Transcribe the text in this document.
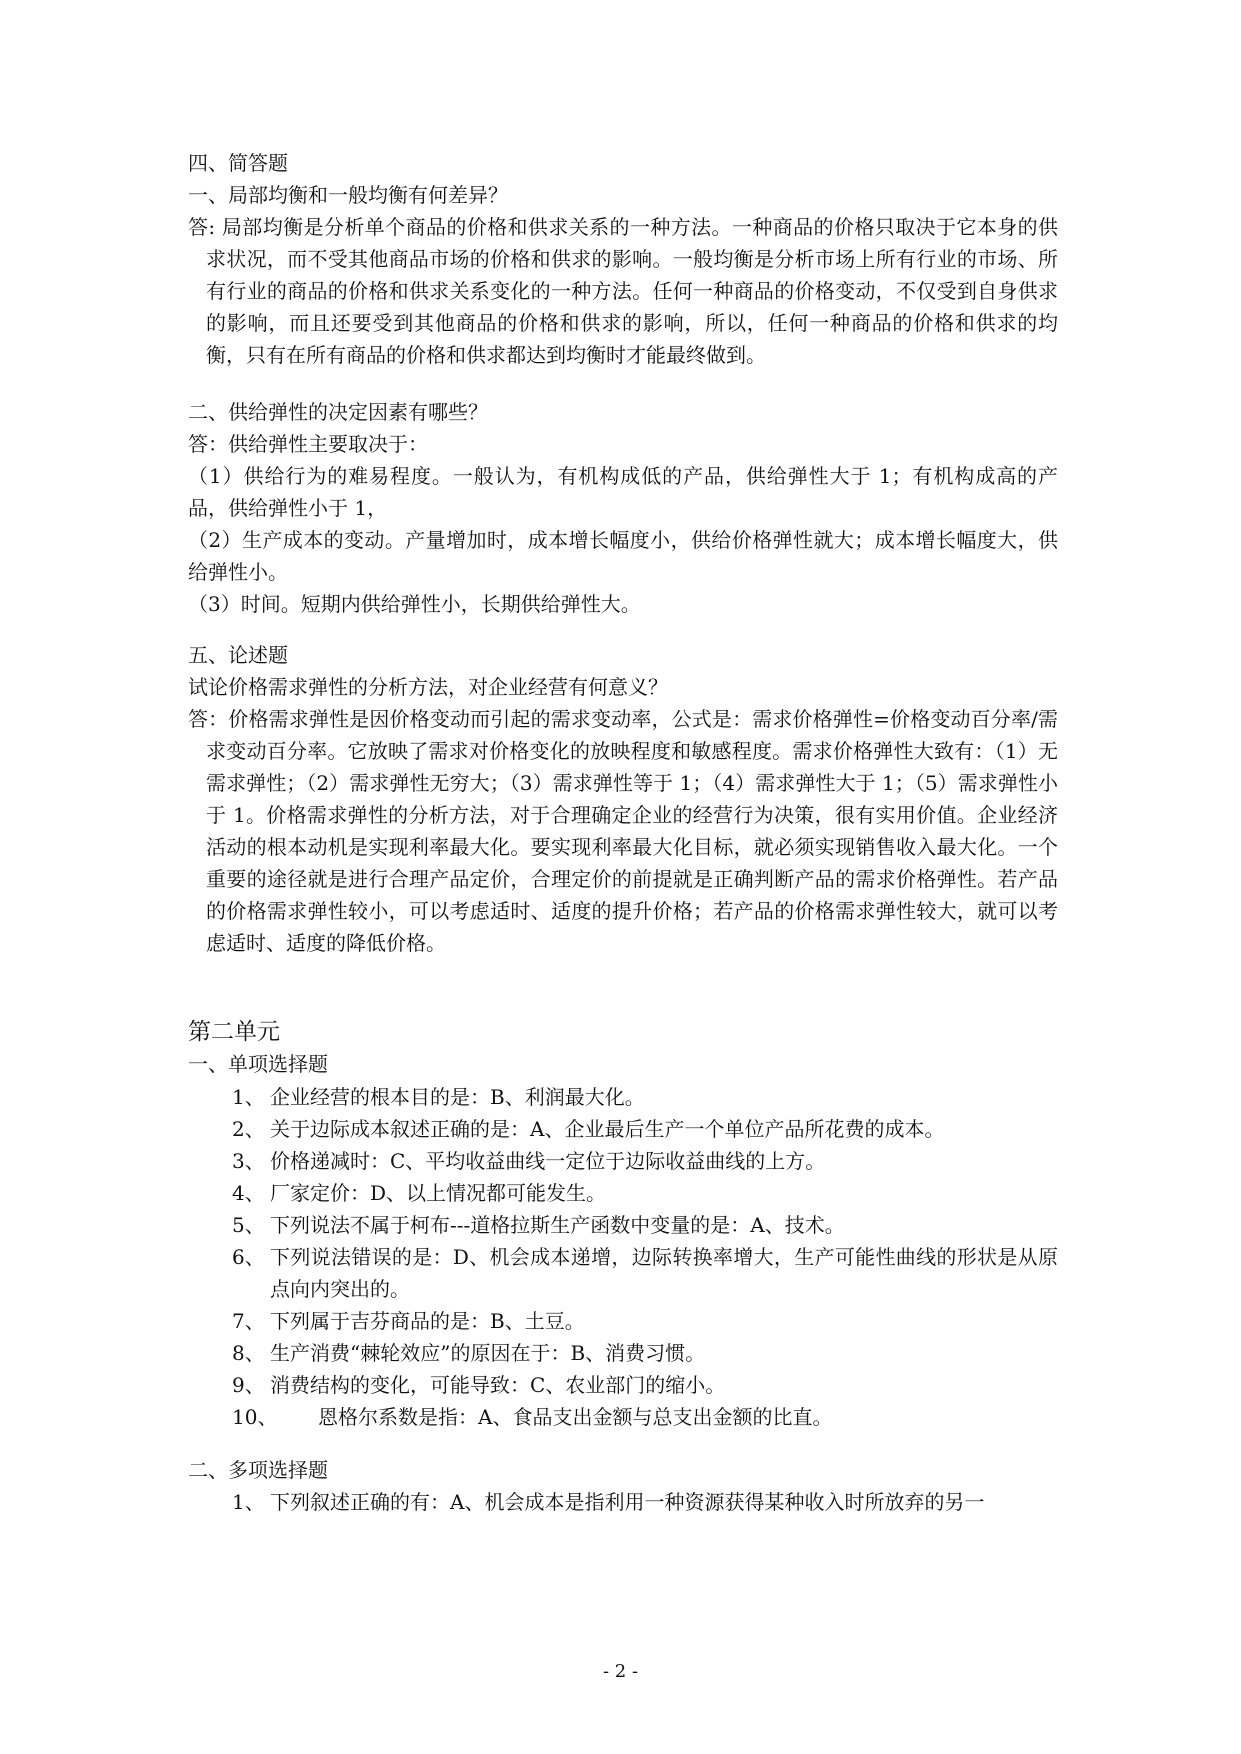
四、简答题

一、局部均衡和一般均衡有何差异？

答: 局部均衡是分析单个商品的价格和供求关系的一种方法。一种商品的价格只取决于它本身的供求状况，而不受其他商品市场的价格和供求的影响。一般均衡是分析市场上所有行业的市场、所有行业的商品的价格和供求关系变化的一种方法。任何一种商品的价格变动，不仅受到自身供求的影响，而且还要受到其他商品的价格和供求的影响，所以，任何一种商品的价格和供求的均衡，只有在所有商品的价格和供求都达到均衡时才能最终做到。

二、供给弹性的决定因素有哪些？

答：供给弹性主要取决于：

（1）供给行为的难易程度。一般认为，有机构成低的产品，供给弹性大于 1；有机构成高的产品，供给弹性小于 1，

（2）生产成本的变动。产量增加时，成本增长幅度小，供给价格弹性就大；成本增长幅度大，供给弹性小。

（3）时间。短期内供给弹性小，长期供给弹性大。

五、论述题

试论价格需求弹性的分析方法，对企业经营有何意义？

答：价格需求弹性是因价格变动而引起的需求变动率，公式是：需求价格弹性=价格变动百分率/需求变动百分率。它放映了需求对价格变化的放映程度和敏感程度。需求价格弹性大致有：（1）无需求弹性；（2）需求弹性无穷大；（3）需求弹性等于 1；（4）需求弹性大于 1；（5）需求弹性小于 1。价格需求弹性的分析方法，对于合理确定企业的经营行为决策，很有实用价值。企业经济活动的根本动机是实现利率最大化。要实现利率最大化目标，就必须实现销售收入最大化。一个重要的途径就是进行合理产品定价，合理定价的前提就是正确判断产品的需求价格弹性。若产品的价格需求弹性较小，可以考虑适时、适度的提升价格；若产品的价格需求弹性较大，就可以考虑适时、适度的降低价格。

第二单元

一、单项选择题

1、 企业经营的根本目的是：B、利润最大化。
2、 关于边际成本叙述正确的是：A、企业最后生产一个单位产品所花费的成本。
3、 价格递减时：C、平均收益曲线一定位于边际收益曲线的上方。
4、 厂家定价：D、以上情况都可能发生。
5、 下列说法不属于柯布---道格拉斯生产函数中变量的是：A、技术。
6、 下列说法错误的是：D、机会成本递增，边际转换率增大，生产可能性曲线的形状是从原点向内突出的。
7、 下列属于吉芬商品的是：B、土豆。
8、 生产消费“棘轮效应”的原因在于：B、消费习惯。
9、 消费结构的变化，可能导致：C、农业部门的缩小。
10、 恩格尔系数是指：A、食品支出金额与总支出金额的比直。

二、多项选择题

1、 下列叙述正确的有：A、机会成本是指利用一种资源获得某种收入时所放弃的另一
- 2 -
